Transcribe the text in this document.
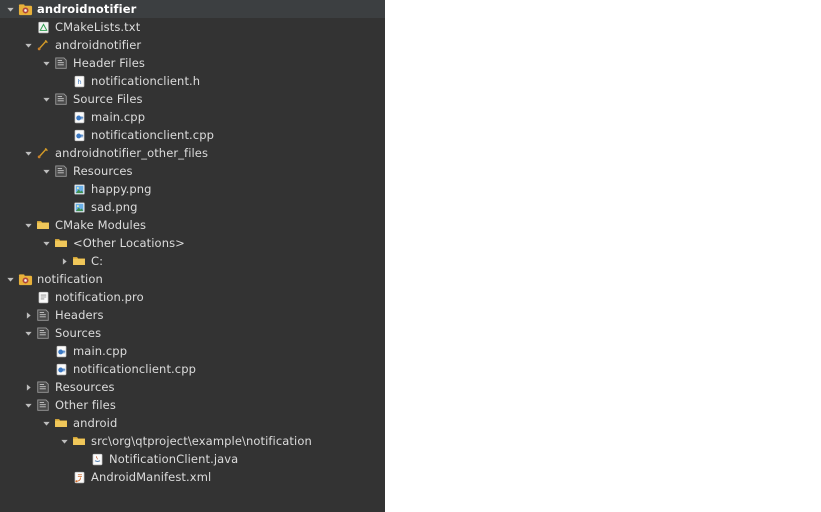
androidnotifier
CMakeLists.txt
androidnotifier
Header Files
h notificationclient.h
Source Files
main.cpp
notificationclient.cpp
androidnotifier_other_files
Resources
happy.png
sad.png
CMake Modules
<Other Locations>
C:
notification
notification.pro
Headers
Sources
main.cpp
notificationclient.cpp
Resources
Other files
android
src\org\qtproject\example\notification
NotificationClient.java
AndroidManifest.xml
